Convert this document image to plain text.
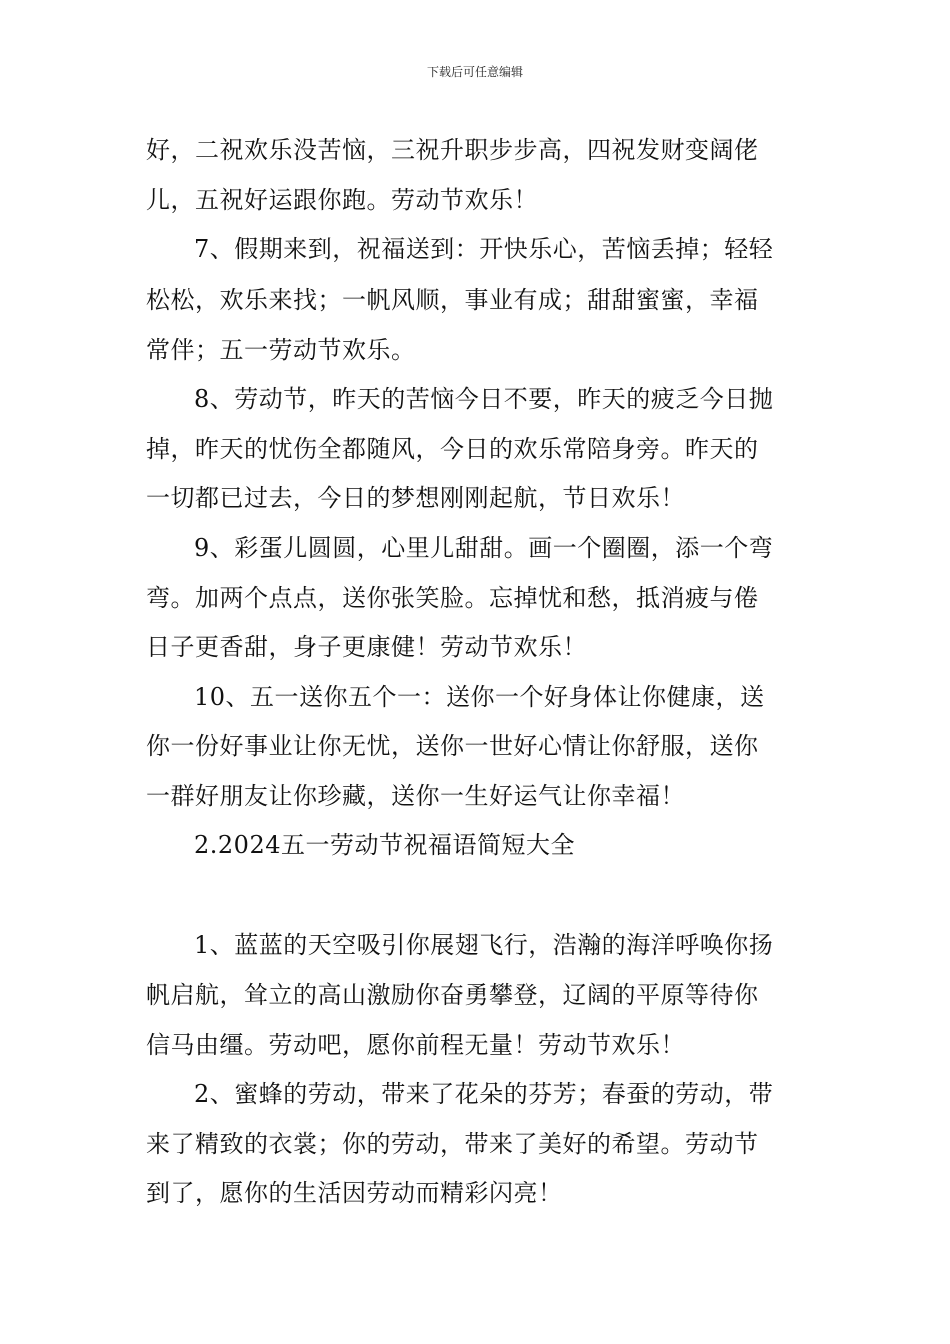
下载后可任意编辑
好，二祝欢乐没苦恼，三祝升职步步高，四祝发财变阔佬
儿，五祝好运跟你跑。劳动节欢乐！
7、假期来到，祝福送到：开快乐心，苦恼丢掉；轻轻
松松，欢乐来找；一帆风顺，事业有成；甜甜蜜蜜，幸福
常伴；五一劳动节欢乐。
8、劳动节，昨天的苦恼今日不要，昨天的疲乏今日抛
掉，昨天的忧伤全都随风，今日的欢乐常陪身旁。昨天的
一切都已过去，今日的梦想刚刚起航，节日欢乐！
9、彩蛋儿圆圆，心里儿甜甜。画一个圈圈，添一个弯
弯。加两个点点，送你张笑脸。忘掉忧和愁，抵消疲与倦
日子更香甜，身子更康健！劳动节欢乐！
10、五一送你五个一：送你一个好身体让你健康，送
你一份好事业让你无忧，送你一世好心情让你舒服，送你
一群好朋友让你珍藏，送你一生好运气让你幸福！
2.2024五一劳动节祝福语简短大全
1、蓝蓝的天空吸引你展翅飞行，浩瀚的海洋呼唤你扬
帆启航，耸立的高山激励你奋勇攀登，辽阔的平原等待你
信马由缰。劳动吧，愿你前程无量！劳动节欢乐！
2、蜜蜂的劳动，带来了花朵的芬芳；春蚕的劳动，带
来了精致的衣裳；你的劳动，带来了美好的希望。劳动节
到了，愿你的生活因劳动而精彩闪亮！
